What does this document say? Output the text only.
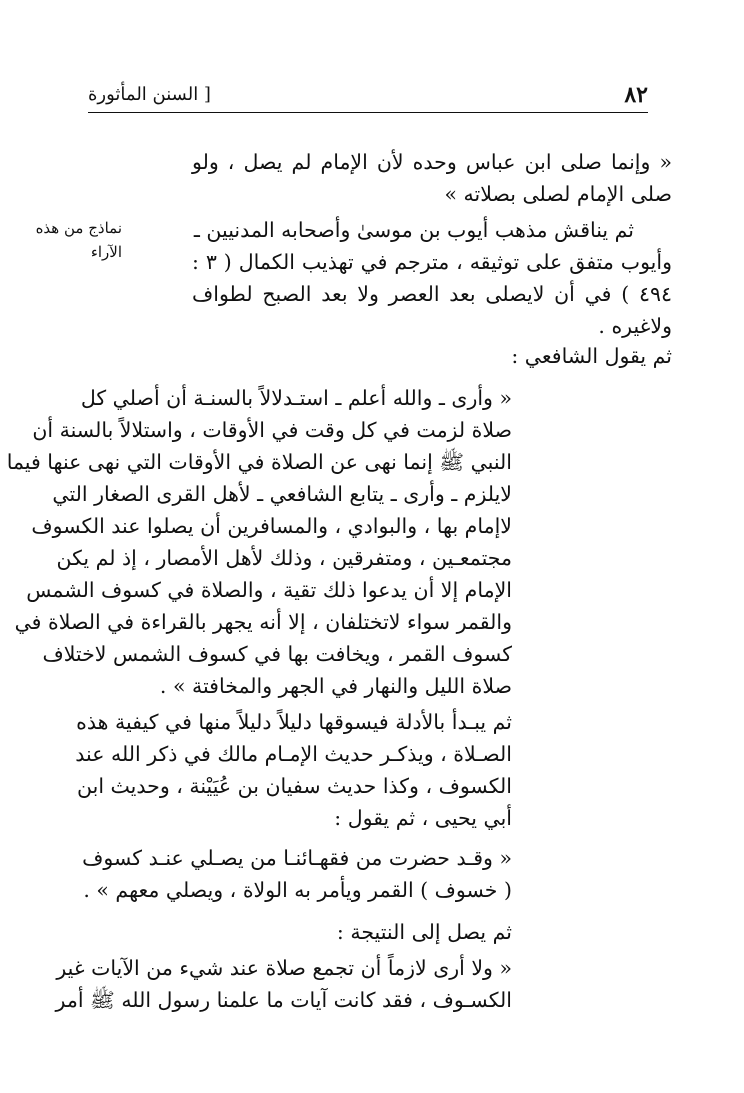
٨٢
[ السنن المأثورة
نماذج من هذه
الآراء
« وإنما صلى ابن عباس وحده لأن الإمام لم يصل ، ولو
صلى الإمام لصلى بصلاته »
ثم يناقش مذهب أيوب بن موسىٰ وأصحابه المدنيين ـ
وأيوب متفق على توثيقه ، مترجم في تهذيب الكمال ( ٣ :
٤٩٤ ) في أن لايصلى بعد العصر ولا بعد الصبح لطواف
ولاغيره .
ثم يقول الشافعي :
« وأرى ـ والله أعلم ـ استـدلالاً بالسنـة أن أصلي كل
صلاة لزمت في كل وقت في الأوقات ، واستلالاً بالسنة أن
النبي ﷺ إنما نهى عن الصلاة في الأوقات التي نهى عنها فيما
لايلزم ـ وأرى ـ يتابع الشافعي ـ لأهل القرى الصغار التي
لاإمام بها ، والبوادي ، والمسافرين أن يصلوا عند الكسوف
مجتمعـين ، ومتفرقين ، وذلك لأهل الأمصار ، إذ لم يكن
الإمام إلا أن يدعوا ذلك تقية ، والصلاة في كسوف الشمس
والقمر سواء لاتختلفان ، إلا أنه يجهر بالقراءة في الصلاة في
كسوف القمر ، ويخافت بها في كسوف الشمس لاختلاف
صلاة الليل والنهار في الجهر والمخافتة » .
ثم يبـدأ بالأدلة فيسوقها دليلاً دليلاً منها في كيفية هذه
الصـلاة ، ويذكـر حديث الإمـام مالك في ذكر الله عند
الكسوف ، وكذا حديث سفيان بن عُيَيْنة ، وحديث ابن
أبي يحيى ، ثم يقول :
« وقـد حضرت من فقهـائنـا من يصـلي عنـد كسوف
( خسوف ) القمر ويأمر به الولاة ، ويصلي معهم » .
ثم يصل إلى النتيجة :
« ولا أرى لازماً أن تجمع صلاة عند شيء من الآيات غير
الكسـوف ، فقد كانت آيات ما علمنا رسول الله ﷺ أمر
